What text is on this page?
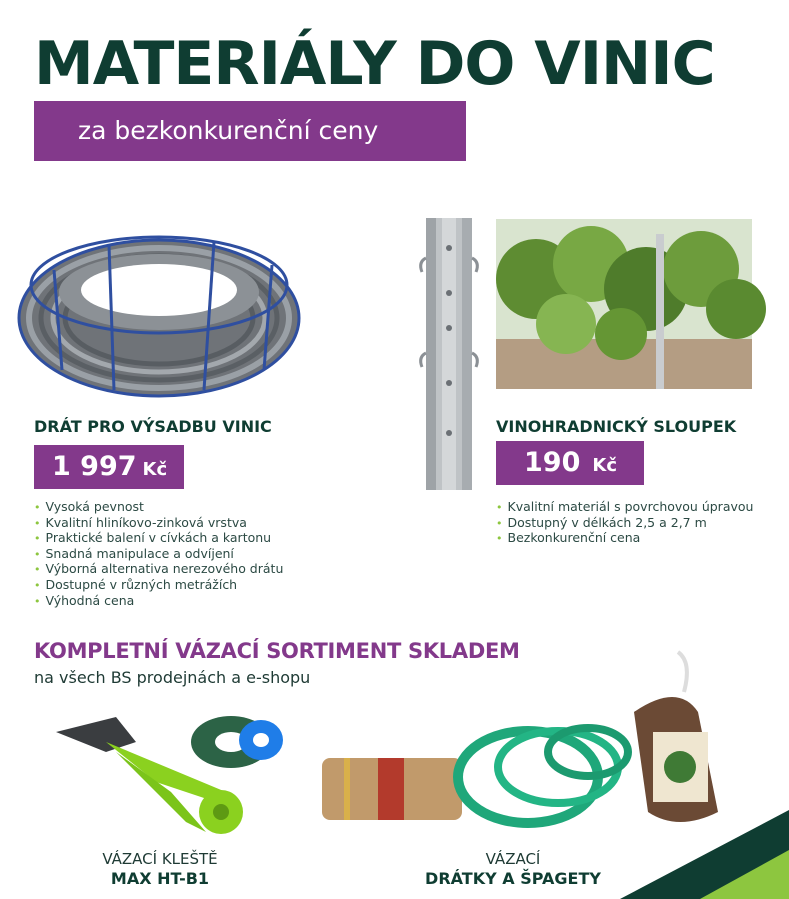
MATERIÁLY DO VINIC
za bezkonkurenční ceny
DRÁT PRO VÝSADBU VINIC
1 997 Kč
• Vysoká pevnost
• Kvalitní hliníkovo-zinková vrstva
• Praktické balení v cívkách a kartonu
• Snadná manipulace a odvíjení
• Výborná alternativa nerezového drátu
• Dostupné v různých metrážích
• Výhodná cena
VINOHRADNICKÝ SLOUPEK
190 Kč
• Kvalitní materiál s povrchovou úpravou
• Dostupný v délkách 2,5 a 2,7 m
• Bezkonkurenční cena
KOMPLETNÍ VÁZACÍ SORTIMENT SKLADEM
na všech BS prodejnách a e-shopu
VÁZACÍ KLEŠTĚ
MAX HT-B1
VÁZACÍ
DRÁTKY A ŠPAGETY
